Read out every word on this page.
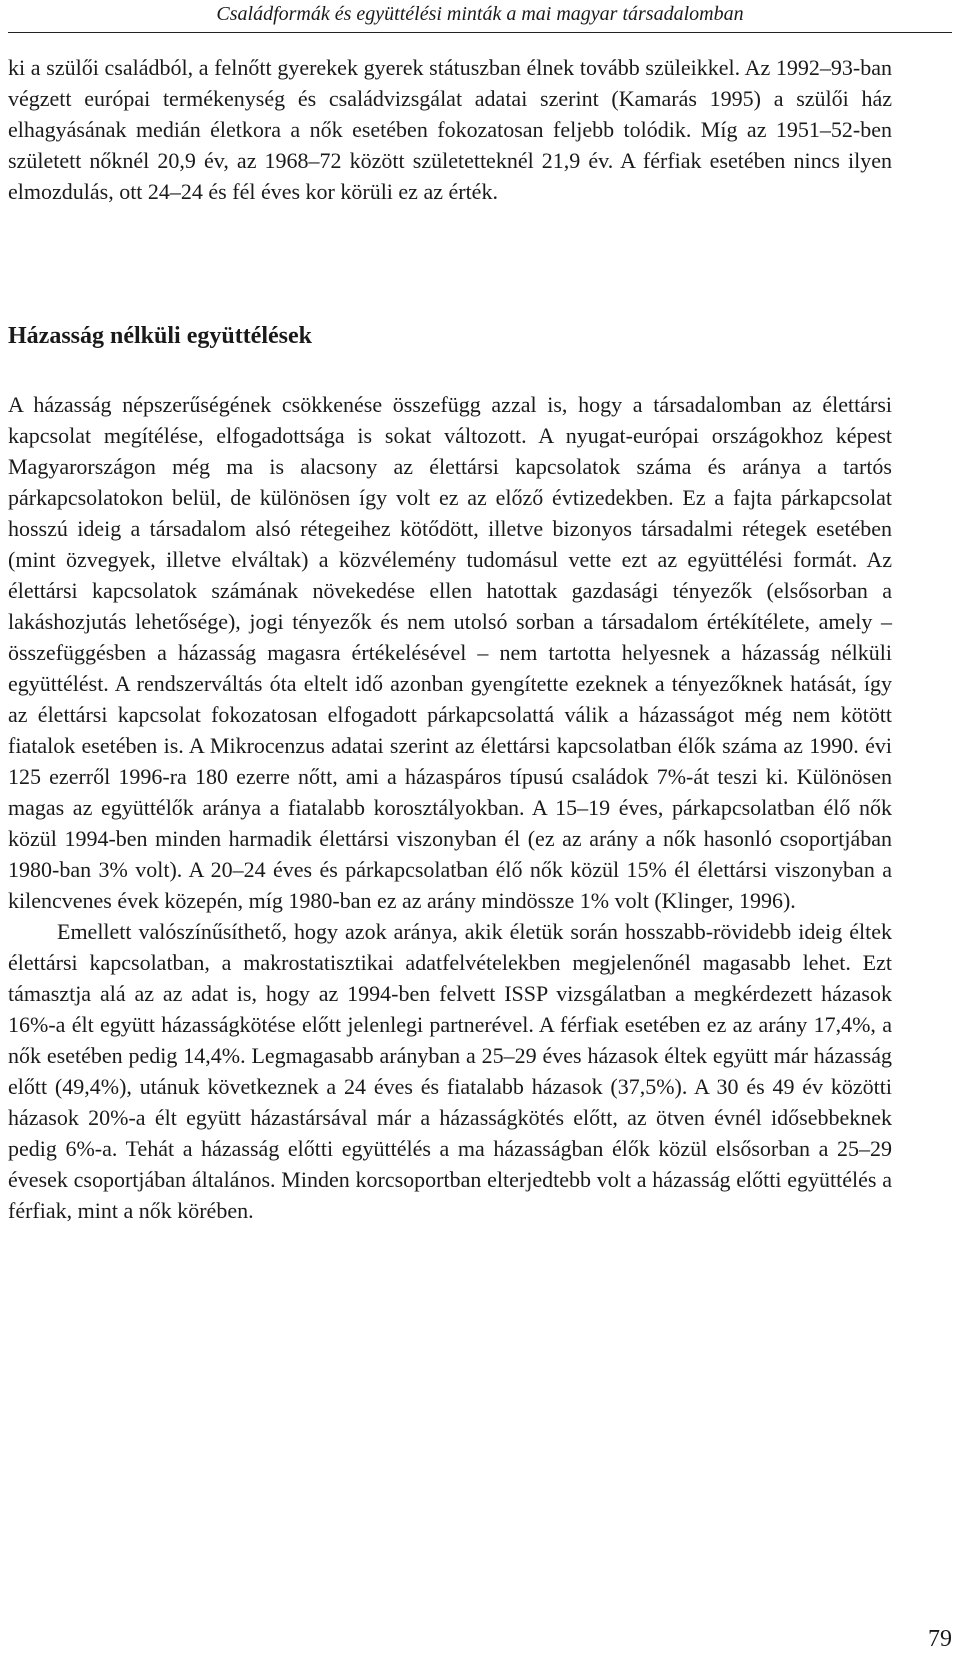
Családformák és együttélési minták a mai magyar társadalomban

ki a szülői családból, a felnőtt gyerekek gyerek státuszban élnek tovább szüleikkel. Az 1992–93-ban végzett európai termékenység és családvizsgálat adatai szerint (Kamarás 1995) a szülői ház elhagyásának medián életkora a nők esetében fokozatosan feljebb tolódik. Míg az 1951–52-ben született nőknél 20,9 év, az 1968–72 között születetteknél 21,9 év. A férfiak esetében nincs ilyen elmozdulás, ott 24–24 és fél éves kor körüli ez az érték.

Házasság nélküli együttélések

A házasság népszerűségének csökkenése összefügg azzal is, hogy a társadalomban az élettársi kapcsolat megítélése, elfogadottsága is sokat változott. A nyugat-európai országokhoz képest Magyarországon még ma is alacsony az élettársi kapcsolatok száma és aránya a tartós párkapcsolatokon belül, de különösen így volt ez az előző évtizedekben. Ez a fajta párkapcsolat hosszú ideig a társadalom alsó rétegeihez kötődött, illetve bizonyos társadalmi rétegek esetében (mint özvegyek, illetve elváltak) a közvélemény tudomásul vette ezt az együttélési formát. Az élettársi kapcsolatok számának növekedése ellen hatottak gazdasági tényezők (elsősorban a lakáshozjutás lehetősége), jogi tényezők és nem utolsó sorban a társadalom értékítélete, amely – összefüggésben a házasság magasra értékelésével – nem tartotta helyesnek a házasság nélküli együttélést. A rendszerváltás óta eltelt idő azonban gyengítette ezeknek a tényezőknek hatását, így az élettársi kapcsolat fokozatosan elfogadott párkapcsolattá válik a házasságot még nem kötött fiatalok esetében is. A Mikrocenzus adatai szerint az élettársi kapcsolatban élők száma az 1990. évi 125 ezerről 1996-ra 180 ezerre nőtt, ami a házaspáros típusú családok 7%-át teszi ki. Különösen magas az együttélők aránya a fiatalabb korosztályokban. A 15–19 éves, párkapcsolatban élő nők közül 1994-ben minden harmadik élettársi viszonyban él (ez az arány a nők hasonló csoportjában 1980-ban 3% volt). A 20–24 éves és párkapcsolatban élő nők közül 15% él élettársi viszonyban a kilencvenes évek közepén, míg 1980-ban ez az arány mindössze 1% volt (Klinger, 1996).

Emellett valószínűsíthető, hogy azok aránya, akik életük során hosszabb-rövidebb ideig éltek élettársi kapcsolatban, a makrostatisztikai adatfelvételekben megjelenőnél magasabb lehet. Ezt támasztja alá az az adat is, hogy az 1994-ben felvett ISSP vizsgálatban a megkérdezett házasok 16%-a élt együtt házasságkötése előtt jelenlegi partnerével. A férfiak esetében ez az arány 17,4%, a nők esetében pedig 14,4%. Legmagasabb arányban a 25–29 éves házasok éltek együtt már házasság előtt (49,4%), utánuk következnek a 24 éves és fiatalabb házasok (37,5%). A 30 és 49 év közötti házasok 20%-a élt együtt házastársával már a házasságkötés előtt, az ötven évnél idősebbeknek pedig 6%-a. Tehát a házasság előtti együttélés a ma házasságban élők közül elsősorban a 25–29 évesek csoportjában általános. Minden korcsoportban elterjedtebb volt a házasság előtti együttélés a férfiak, mint a nők körében.

79
